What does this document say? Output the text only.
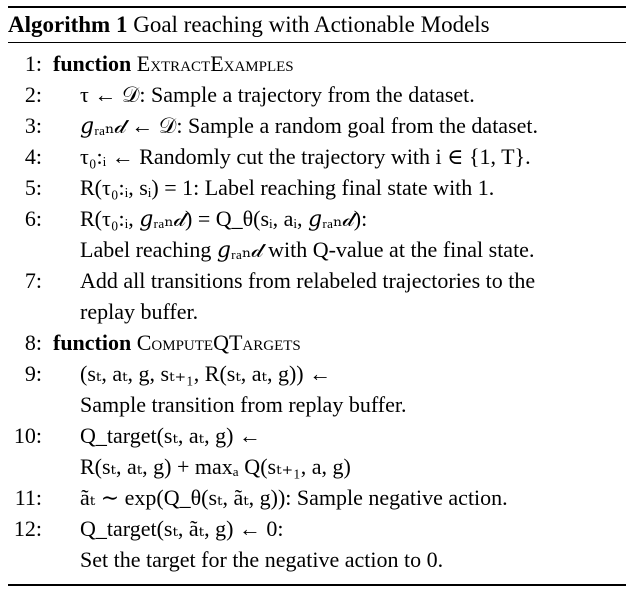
Algorithm 1 Goal reaching with Actionable Models
1: function ExtractExamples
2: τ ← 𝒟: Sample a trajectory from the dataset.
3: 𝑔ᵣₐₙ𝒹 ← 𝒟: Sample a random goal from the dataset.
4: τ₀:ᵢ ← Randomly cut the trajectory with i ∈ {1, T}.
5: R(τ₀:ᵢ, sᵢ) = 1: Label reaching final state with 1.
6: R(τ₀:ᵢ, 𝑔ᵣₐₙ𝒹) = Q_θ(sᵢ, aᵢ, 𝑔ᵣₐₙ𝒹):
Label reaching 𝑔ᵣₐₙ𝒹 with Q-value at the final state.
7: Add all transitions from relabeled trajectories to the
replay buffer.
8: function ComputeQTargets
9: (sₜ, aₜ, g, sₜ₊₁, R(sₜ, aₜ, g)) ←
Sample transition from replay buffer.
10: Q_target(sₜ, aₜ, g) ←
R(sₜ, aₜ, g) + maxₐ Q(sₜ₊₁, a, g)
11: ãₜ ∼ exp(Q_θ(sₜ, ãₜ, g)): Sample negative action.
12: Q_target(sₜ, ãₜ, g) ← 0:
Set the target for the negative action to 0.
